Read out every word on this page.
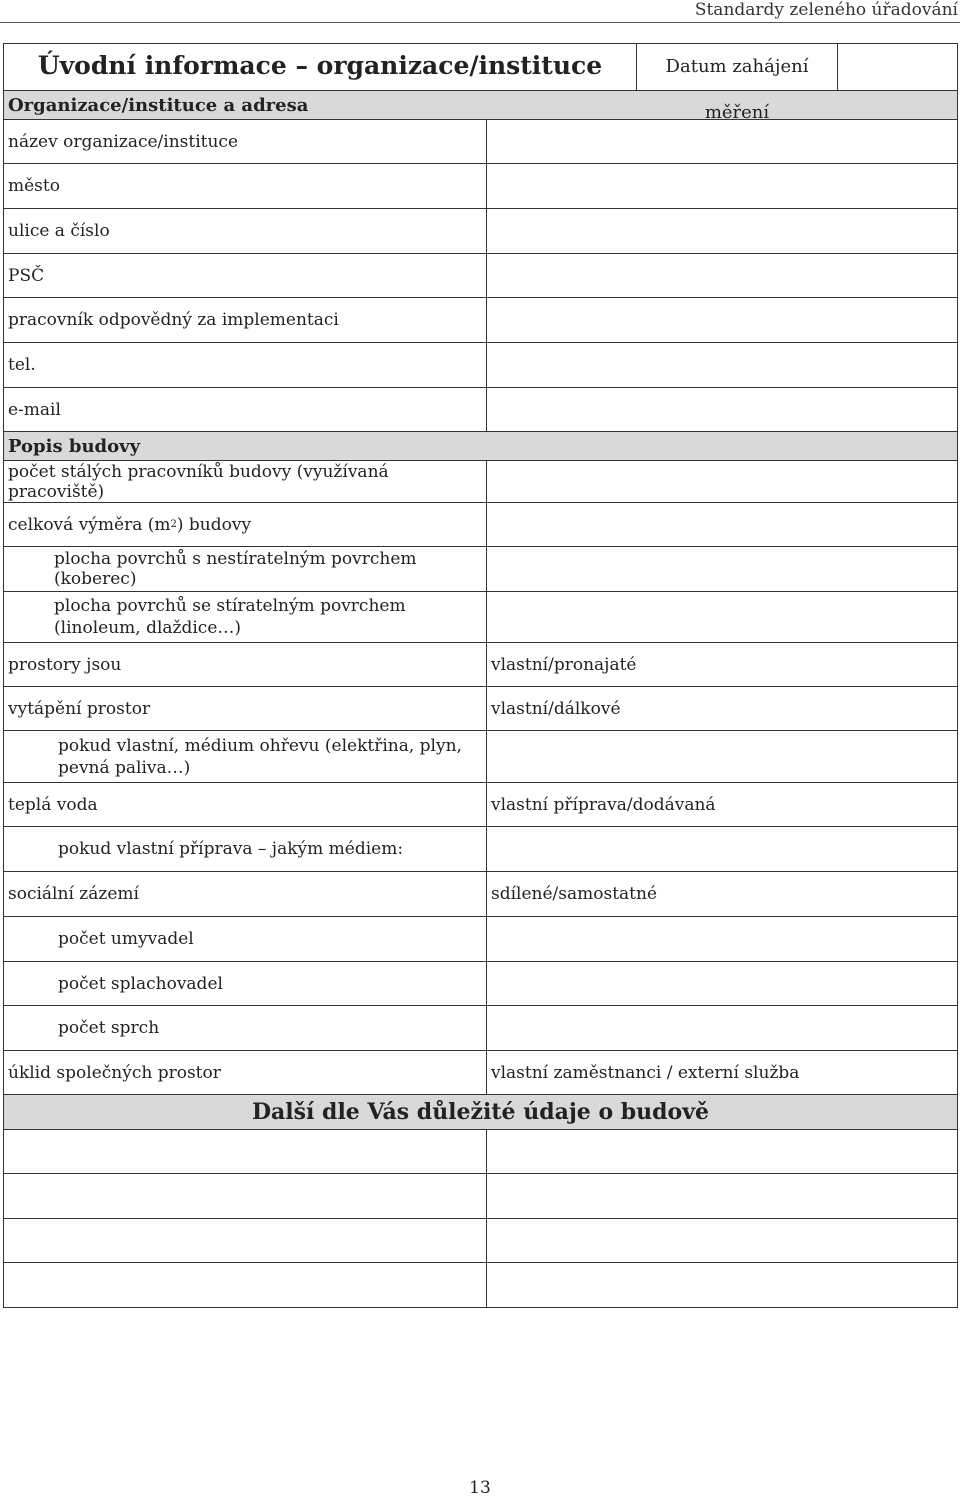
Standardy zeleného úřadování
Úvodní informace – organizace/instituce	Datum zahájení měření
Organizace/instituce a adresa
název organizace/instituce
město
ulice a číslo
PSČ
pracovník odpovědný za implementaci
tel.
e-mail
Popis budovy
počet stálých pracovníků budovy (využívaná pracoviště)
celková výměra (m 2 ) budovy
plocha povrchů s nestíratelným povrchem (koberec)
plocha povrchů se stíratelným povrchem (linoleum, dlaždice…)
prostory jsou	vlastní/pronajaté
vytápění prostor	vlastní/dálkové
pokud vlastní, médium ohřevu (elektřina, plyn, pevná paliva…)
teplá voda	vlastní příprava/dodávaná
pokud vlastní příprava – jakým médiem:
sociální zázemí	sdílené/samostatné
počet umyvadel
počet splachovadel
počet sprch
úklid společných prostor	vlastní zaměstnanci / externí služba
Další dle Vás důležité údaje o budově
13
